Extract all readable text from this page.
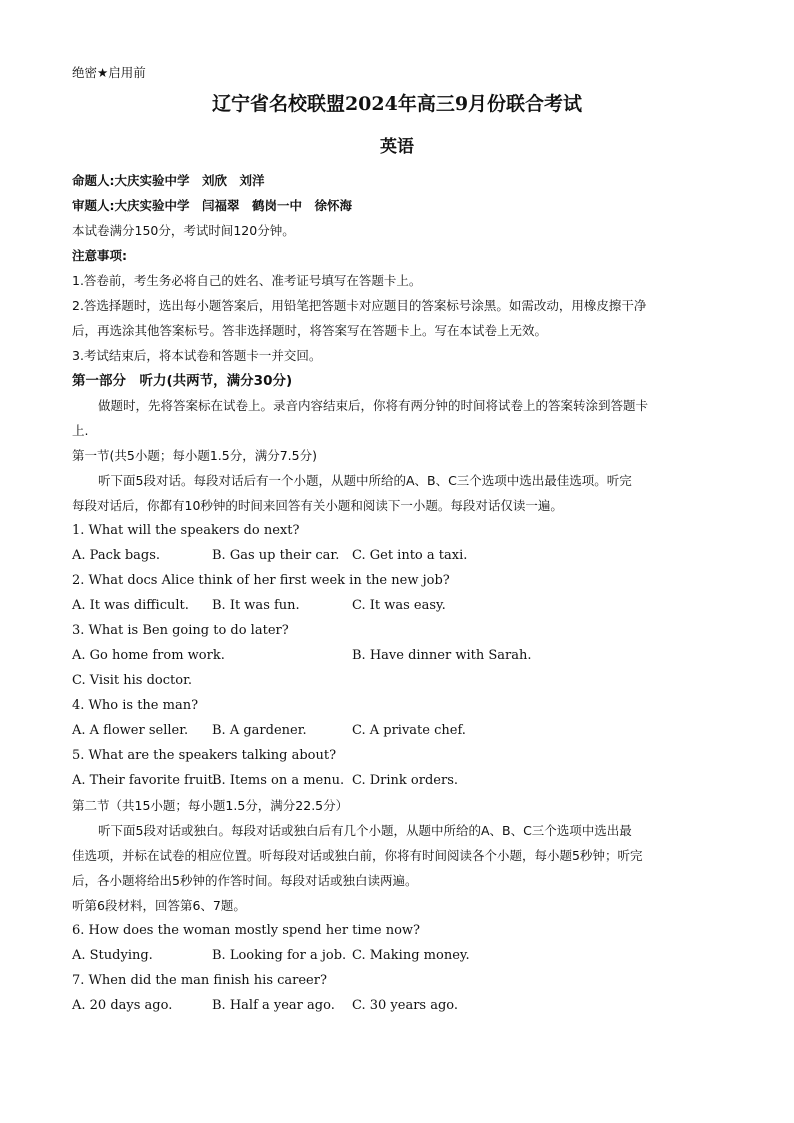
绝密★启用前
辽宁省名校联盟2024年高三9月份联合考试
英语
命题人:大庆实验中学　刘欣　刘洋
审题人:大庆实验中学　闫福翠　鹤岗一中　徐怀海
本试卷满分150分，考试时间120分钟。
注意事项:
1.答卷前，考生务必将自己的姓名、准考证号填写在答题卡上。
2.答选择题时，选出每小题答案后，用铅笔把答题卡对应题目的答案标号涂黑。如需改动，用橡皮擦干净
后，再选涂其他答案标号。答非选择题时，将答案写在答题卡上。写在本试卷上无效。
3.考试结束后，将本试卷和答题卡一并交回。
第一部分　听力(共两节，满分30分)
做题时，先将答案标在试卷上。录音内容结束后，你将有两分钟的时间将试卷上的答案转涂到答题卡
上.
第一节(共5小题；每小题1.5分，满分7.5分)
听下面5段对话。每段对话后有一个小题，从题中所给的A、B、C三个选项中选出最佳选项。听完
每段对话后，你都有10秒钟的时间来回答有关小题和阅读下一小题。每段对话仅读一遍。
1. What will the speakers do next?
A. Pack bags.	B. Gas up their car. C. Get into a taxi.
2. What docs Alice think of her first week in the new job?
A. It was difficult. B. It was fun.	C. It was easy.
3. What is Ben going to do later?
A. Go home from work.	B. Have dinner with Sarah.
C. Visit his doctor.
4. Who is the man?
A. A flower seller. B. A gardener.	C. A private chef.
5. What are the speakers talking about?
A. Their favorite fruit.
B. Items on a menu. C. Drink orders.
第二节（共15小题；每小题1.5分，满分22.5分）
听下面5段对话或独白。每段对话或独白后有几个小题，从题中所给的A、B、C三个选项中选出最
佳选项，并标在试卷的相应位置。听每段对话或独白前，你将有时间阅读各个小题，每小题5秒钟；听完
后，各小题将给出5秒钟的作答时间。每段对话或独白读两遍。
听第6段材料，回答第6、7题。
6. How does the woman mostly spend her time now?
A. Studying.	B. Looking for a job. C. Making money.
7. When did the man finish his career?
A. 20 days ago.	B. Half a year ago. C. 30 years ago.
